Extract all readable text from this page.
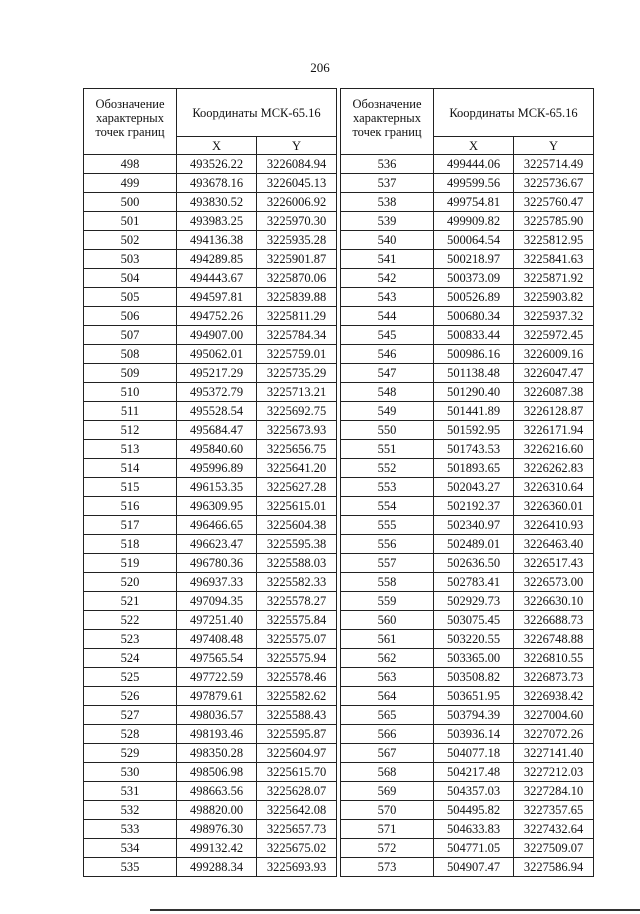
206
Обозначение характерных точек границ	Координаты МСК-65.16	
	X	Y
498	493526.22	3226084.94
499	493678.16	3226045.13
500	493830.52	3226006.92
501	493983.25	3225970.30
502	494136.38	3225935.28
503	494289.85	3225901.87
504	494443.67	3225870.06
505	494597.81	3225839.88
506	494752.26	3225811.29
507	494907.00	3225784.34
508	495062.01	3225759.01
509	495217.29	3225735.29
510	495372.79	3225713.21
511	495528.54	3225692.75
512	495684.47	3225673.93
513	495840.60	3225656.75
514	495996.89	3225641.20
515	496153.35	3225627.28
516	496309.95	3225615.01
517	496466.65	3225604.38
518	496623.47	3225595.38
519	496780.36	3225588.03
520	496937.33	3225582.33
521	497094.35	3225578.27
522	497251.40	3225575.84
523	497408.48	3225575.07
524	497565.54	3225575.94
525	497722.59	3225578.46
526	497879.61	3225582.62
527	498036.57	3225588.43
528	498193.46	3225595.87
529	498350.28	3225604.97
530	498506.98	3225615.70
531	498663.56	3225628.07
532	498820.00	3225642.08
533	498976.30	3225657.73
534	499132.42	3225675.02
535	499288.34	3225693.93
Обозначение характерных точек границ	Координаты МСК-65.16	
	X	Y
536	499444.06	3225714.49
537	499599.56	3225736.67
538	499754.81	3225760.47
539	499909.82	3225785.90
540	500064.54	3225812.95
541	500218.97	3225841.63
542	500373.09	3225871.92
543	500526.89	3225903.82
544	500680.34	3225937.32
545	500833.44	3225972.45
546	500986.16	3226009.16
547	501138.48	3226047.47
548	501290.40	3226087.38
549	501441.89	3226128.87
550	501592.95	3226171.94
551	501743.53	3226216.60
552	501893.65	3226262.83
553	502043.27	3226310.64
554	502192.37	3226360.01
555	502340.97	3226410.93
556	502489.01	3226463.40
557	502636.50	3226517.43
558	502783.41	3226573.00
559	502929.73	3226630.10
560	503075.45	3226688.73
561	503220.55	3226748.88
562	503365.00	3226810.55
563	503508.82	3226873.73
564	503651.95	3226938.42
565	503794.39	3227004.60
566	503936.14	3227072.26
567	504077.18	3227141.40
568	504217.48	3227212.03
569	504357.03	3227284.10
570	504495.82	3227357.65
571	504633.83	3227432.64
572	504771.05	3227509.07
573	504907.47	3227586.94
